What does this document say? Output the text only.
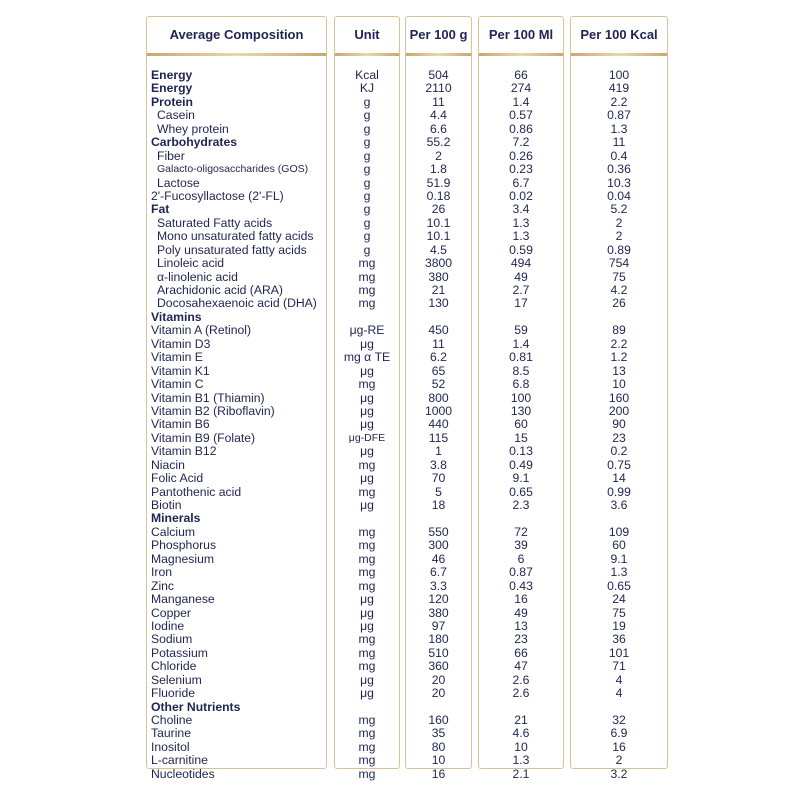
Average Composition
Energy
Energy
Protein
Casein
Whey protein
Carbohydrates
Fiber
Galacto-oligosaccharides (GOS)
Lactose
2'-Fucosyllactose (2'-FL)
Fat
Saturated Fatty acids
Mono unsaturated fatty acids
Poly unsaturated fatty acids
Linoleic acid
α-linolenic acid
Arachidonic acid (ARA)
Docosahexaenoic acid (DHA)
Vitamins
Vitamin A (Retinol)
Vitamin D3
Vitamin E
Vitamin K1
Vitamin C
Vitamin B1 (Thiamin)
Vitamin B2 (Riboflavin)
Vitamin B6
Vitamin B9 (Folate)
Vitamin B12
Niacin
Folic Acid
Pantothenic acid
Biotin
Minerals
Calcium
Phosphorus
Magnesium
Iron
Zinc
Manganese
Copper
Iodine
Sodium
Potassium
Chloride
Selenium
Fluoride
Other Nutrients
Choline
Taurine
Inositol
L-carnitine
Nucleotides
Unit
Kcal
KJ
g
g
g
g
g
g
g
g
g
g
g
g
mg
mg
mg
mg
μg-RE
μg
mg α TE
μg
mg
μg
μg
μg
μg-DFE
μg
mg
μg
mg
μg
mg
mg
mg
mg
mg
μg
μg
μg
mg
mg
mg
μg
μg
mg
mg
mg
mg
mg
Per 100 g
504
2110
11
4.4
6.6
55.2
2
1.8
51.9
0.18
26
10.1
10.1
4.5
3800
380
21
130
450
11
6.2
65
52
800
1000
440
115
1
3.8
70
5
18
550
300
46
6.7
3.3
120
380
97
180
510
360
20
20
160
35
80
10
16
Per 100 Ml
66
274
1.4
0.57
0.86
7.2
0.26
0.23
6.7
0.02
3.4
1.3
1.3
0.59
494
49
2.7
17
59
1.4
0.81
8.5
6.8
100
130
60
15
0.13
0.49
9.1
0.65
2.3
72
39
6
0.87
0.43
16
49
13
23
66
47
2.6
2.6
21
4.6
10
1.3
2.1
Per 100 Kcal
100
419
2.2
0.87
1.3
11
0.4
0.36
10.3
0.04
5.2
2
2
0.89
754
75
4.2
26
89
2.2
1.2
13
10
160
200
90
23
0.2
0.75
14
0.99
3.6
109
60
9.1
1.3
0.65
24
75
19
36
101
71
4
4
32
6.9
16
2
3.2
